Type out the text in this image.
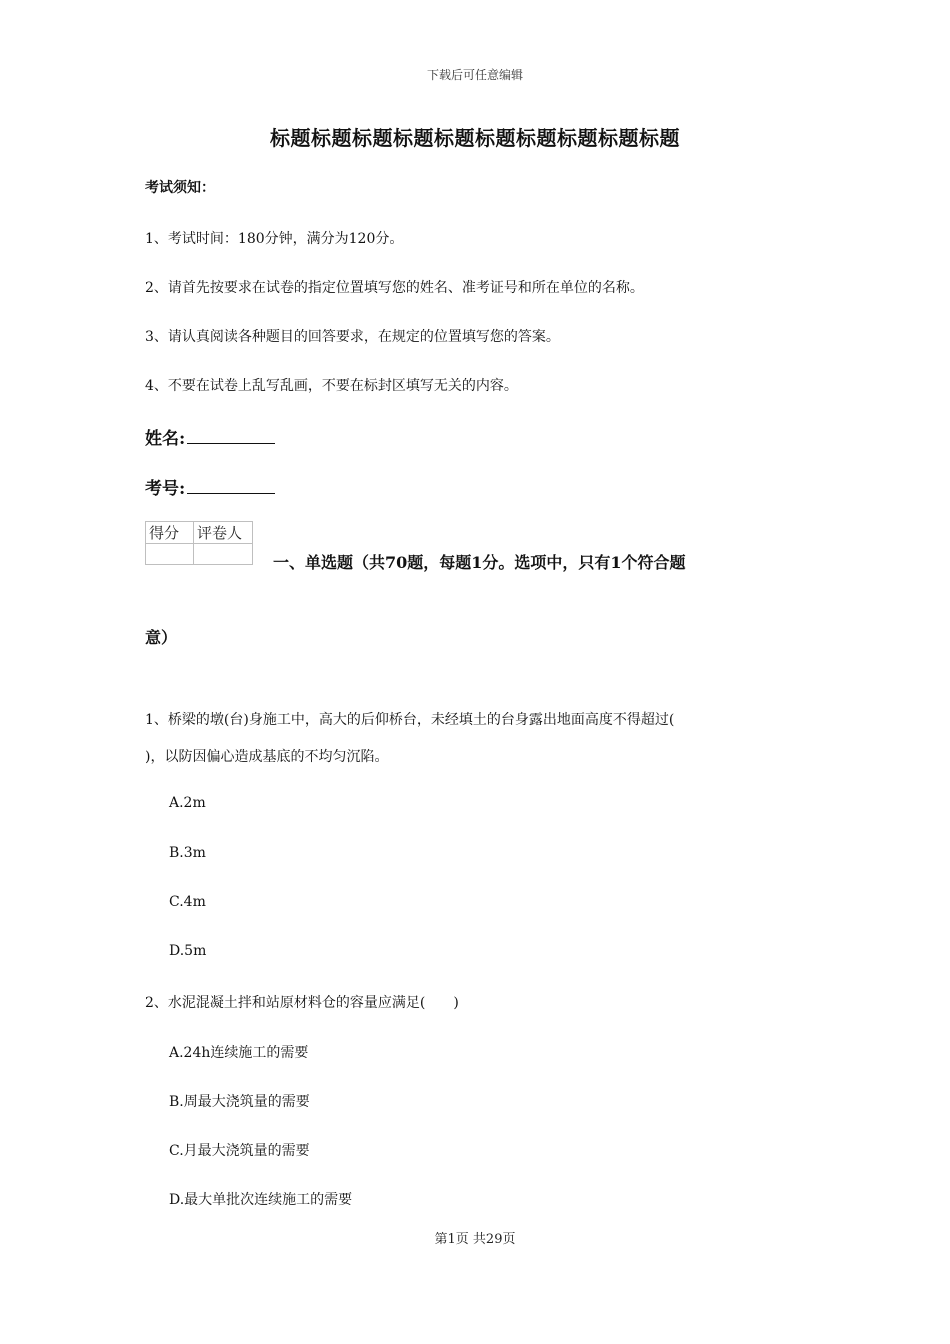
下载后可任意编辑
标题标题标题标题标题标题标题标题标题标题
考试须知：
1、考试时间：180分钟，满分为120分。
2、请首先按要求在试卷的指定位置填写您的姓名、准考证号和所在单位的名称。
3、请认真阅读各种题目的回答要求，在规定的位置填写您的答案。
4、不要在试卷上乱写乱画，不要在标封区填写无关的内容。
姓名:
考号:
得分	评卷人

一、单选题（共70题，每题1分。选项中，只有1个符合题
意）
1、桥梁的墩(台)身施工中，高大的后仰桥台，未经填土的台身露出地面高度不得超过(
)，以防因偏心造成基底的不均匀沉陷。
A.2m
B.3m
C.4m
D.5m
2、水泥混凝土拌和站原材料仓的容量应满足(　　)
A.24h连续施工的需要
B.周最大浇筑量的需要
C.月最大浇筑量的需要
D.最大单批次连续施工的需要
第1页 共29页
